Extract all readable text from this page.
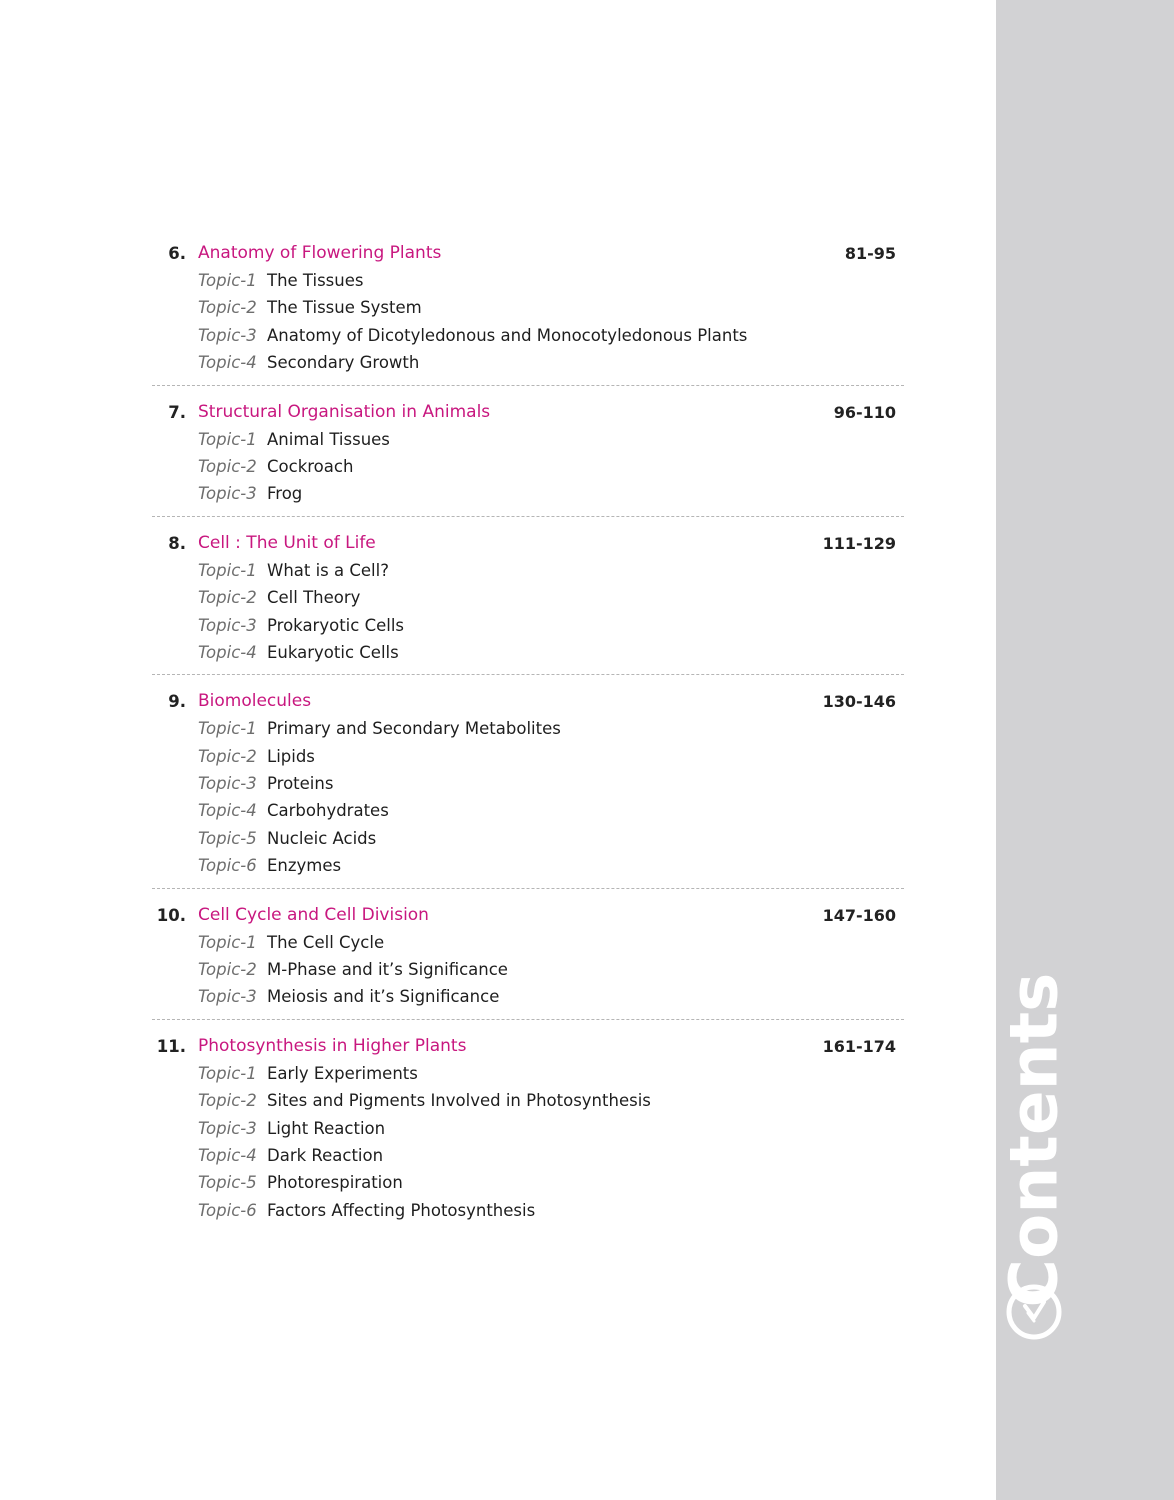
6. Anatomy of Flowering Plants	81-95
Topic-1 The Tissues
Topic-2 The Tissue System
Topic-3 Anatomy of Dicotyledonous and Monocotyledonous Plants
Topic-4 Secondary Growth
7. Structural Organisation in Animals	96-110
Topic-1 Animal Tissues
Topic-2 Cockroach
Topic-3 Frog
8. Cell : The Unit of Life	111-129
Topic-1 What is a Cell?
Topic-2 Cell Theory
Topic-3 Prokaryotic Cells
Topic-4 Eukaryotic Cells
9. Biomolecules	130-146
Topic-1 Primary and Secondary Metabolites
Topic-2 Lipids
Topic-3 Proteins
Topic-4 Carbohydrates
Topic-5 Nucleic Acids
Topic-6 Enzymes
10. Cell Cycle and Cell Division	147-160
Topic-1 The Cell Cycle
Topic-2 M-Phase and it’s Significance
Topic-3 Meiosis and it’s Significance
11. Photosynthesis in Higher Plants	161-174
Topic-1 Early Experiments
Topic-2 Sites and Pigments Involved in Photosynthesis
Topic-3 Light Reaction
Topic-4 Dark Reaction
Topic-5 Photorespiration
Topic-6 Factors Affecting Photosynthesis	Contents
